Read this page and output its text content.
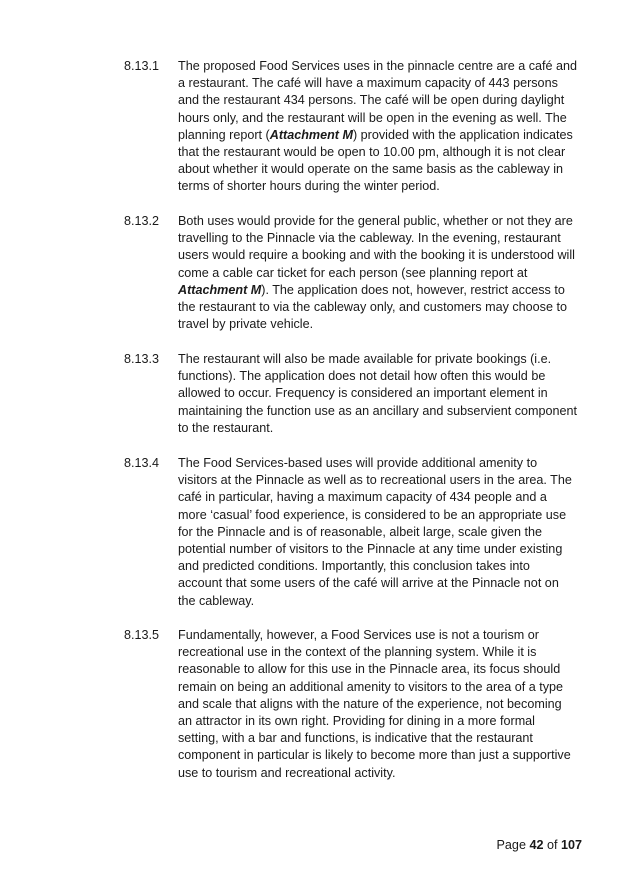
8.13.1 The proposed Food Services uses in the pinnacle centre are a café and
a restaurant. The café will have a maximum capacity of 443 persons
and the restaurant 434 persons. The café will be open during daylight
hours only, and the restaurant will be open in the evening as well. The
planning report (Attachment M) provided with the application indicates
that the restaurant would be open to 10.00 pm, although it is not clear
about whether it would operate on the same basis as the cableway in
terms of shorter hours during the winter period.
8.13.2 Both uses would provide for the general public, whether or not they are
travelling to the Pinnacle via the cableway. In the evening, restaurant
users would require a booking and with the booking it is understood will
come a cable car ticket for each person (see planning report at
Attachment M). The application does not, however, restrict access to
the restaurant to via the cableway only, and customers may choose to
travel by private vehicle.
8.13.3 The restaurant will also be made available for private bookings (i.e.
functions). The application does not detail how often this would be
allowed to occur. Frequency is considered an important element in
maintaining the function use as an ancillary and subservient component
to the restaurant.
8.13.4 The Food Services-based uses will provide additional amenity to
visitors at the Pinnacle as well as to recreational users in the area. The
café in particular, having a maximum capacity of 434 people and a
more ‘casual’ food experience, is considered to be an appropriate use
for the Pinnacle and is of reasonable, albeit large, scale given the
potential number of visitors to the Pinnacle at any time under existing
and predicted conditions. Importantly, this conclusion takes into
account that some users of the café will arrive at the Pinnacle not on
the cableway.
8.13.5 Fundamentally, however, a Food Services use is not a tourism or
recreational use in the context of the planning system. While it is
reasonable to allow for this use in the Pinnacle area, its focus should
remain on being an additional amenity to visitors to the area of a type
and scale that aligns with the nature of the experience, not becoming
an attractor in its own right. Providing for dining in a more formal
setting, with a bar and functions, is indicative that the restaurant
component in particular is likely to become more than just a supportive
use to tourism and recreational activity.
Page 42 of 107
